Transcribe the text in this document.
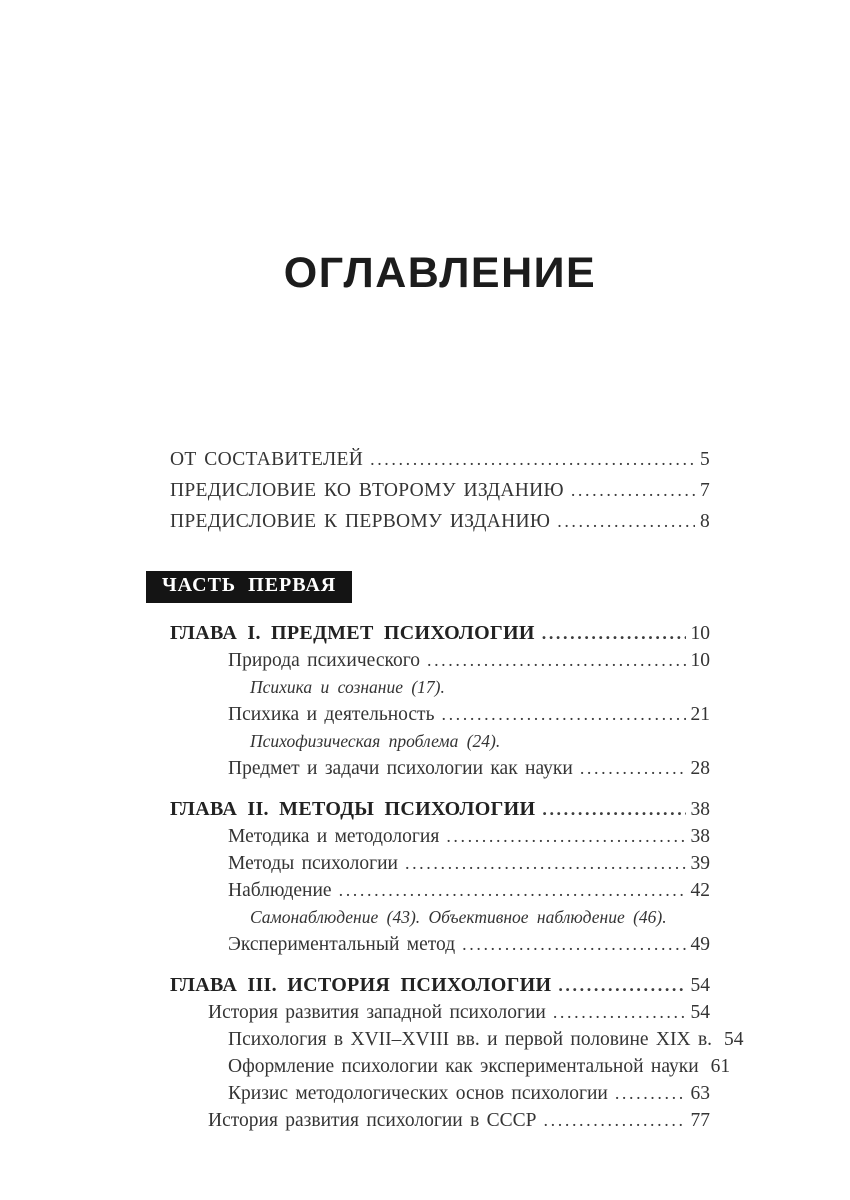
ОГЛАВЛЕНИЕ
ОТ СОСТАВИТЕЛЕЙ .....	5
ПРЕДИСЛОВИЕ КО ВТОРОМУ ИЗДАНИЮ .....	7
ПРЕДИСЛОВИЕ К ПЕРВОМУ ИЗДАНИЮ .....	8
ЧАСТЬ ПЕРВАЯ
ГЛАВА I. ПРЕДМЕТ ПСИХОЛОГИИ .....	10
Природа психического .....	10
Психика и сознание (17).
Психика и деятельность .....	21
Психофизическая проблема (24).
Предмет и задачи психологии как науки .....	28
ГЛАВА II. МЕТОДЫ ПСИХОЛОГИИ .....	38
Методика и методология .....	38
Методы психологии .....	39
Наблюдение .....	42
Самонаблюдение (43). Объективное наблюдение (46).
Экспериментальный метод .....	49
ГЛАВА III. ИСТОРИЯ ПСИХОЛОГИИ .....	54
История развития западной психологии .....	54
Психология в XVII–XVIII вв. и первой половине XIX в. 54
Оформление психологии как экспериментальной науки 61
Кризис методологических основ психологии .....	63
История развития психологии в СССР .....	77
